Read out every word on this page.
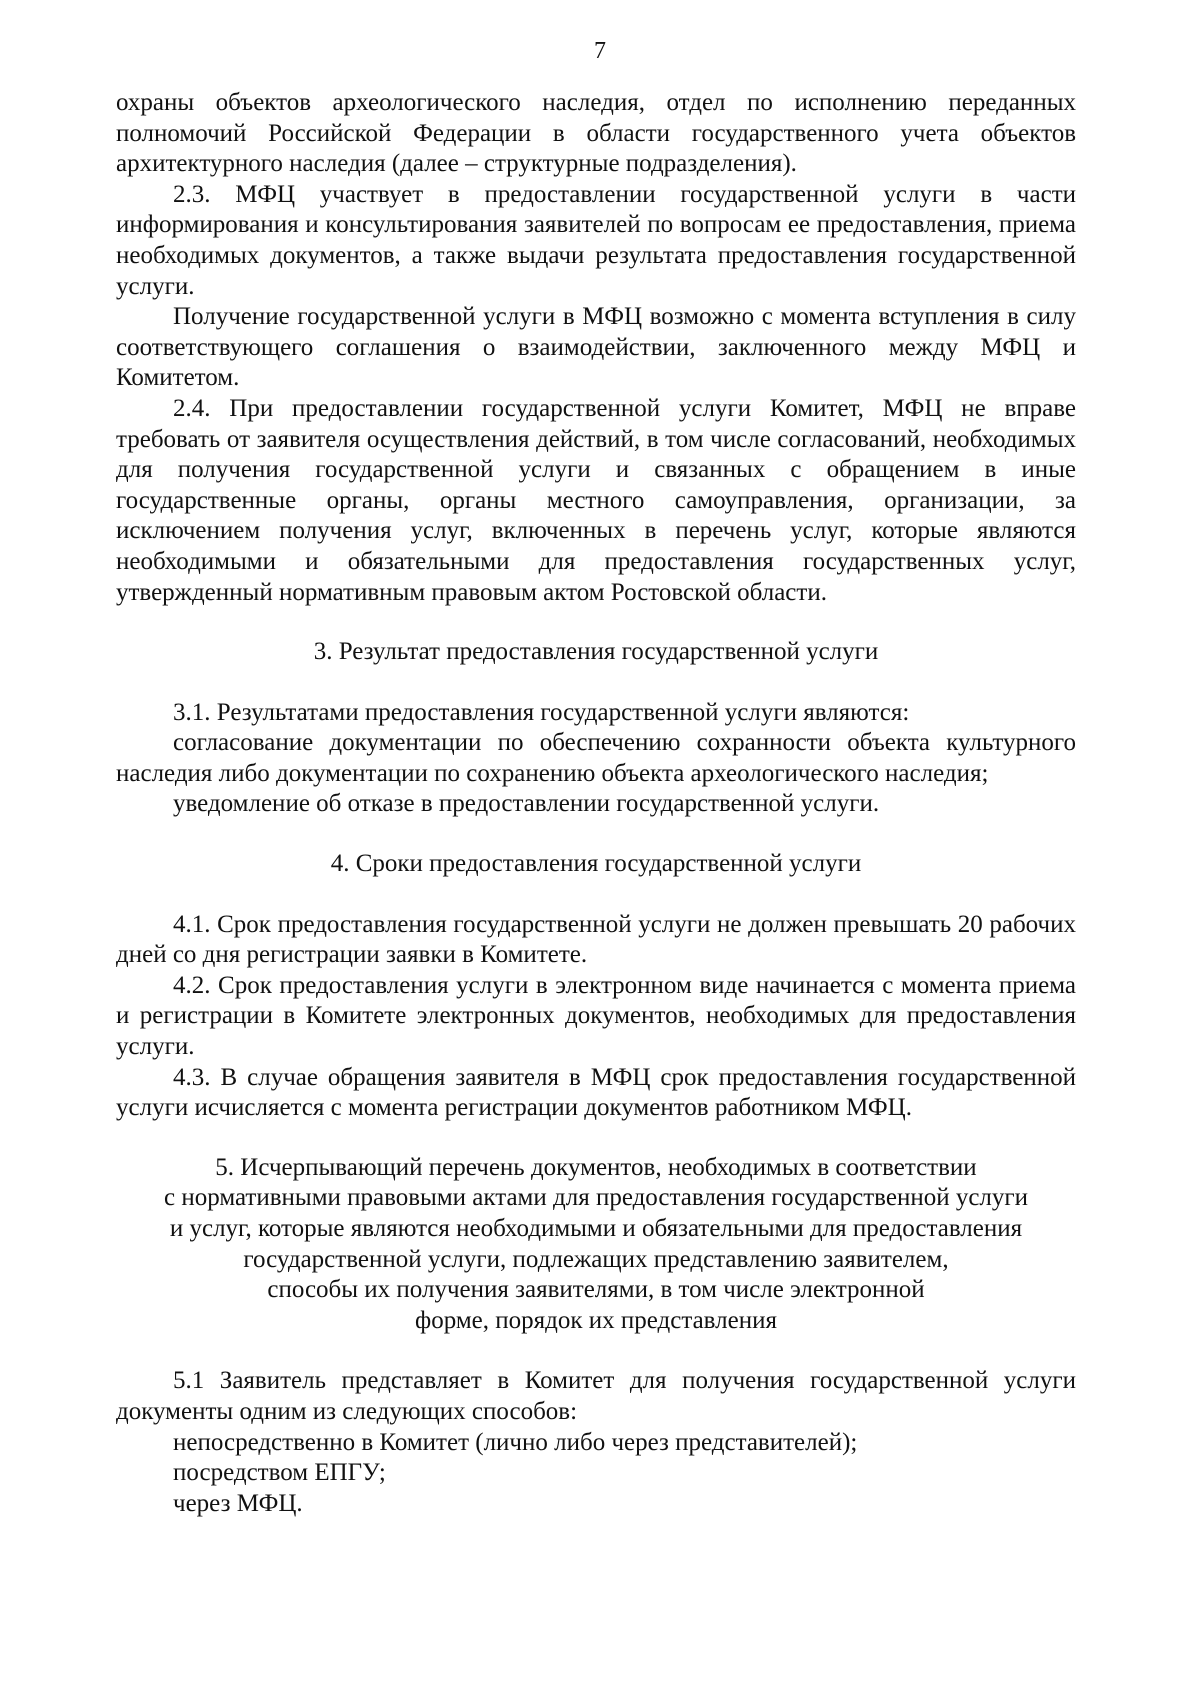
7

охраны объектов археологического наследия, отдел по исполнению переданных полномочий Российской Федерации в области государственного учета объектов архитектурного наследия (далее – структурные подразделения).

2.3. МФЦ участвует в предоставлении государственной услуги в части информирования и консультирования заявителей по вопросам ее предоставления, приема необходимых документов, а также выдачи результата предоставления государственной услуги.

Получение государственной услуги в МФЦ возможно с момента вступления в силу соответствующего соглашения о взаимодействии, заключенного между МФЦ и Комитетом.

2.4. При предоставлении государственной услуги Комитет, МФЦ не вправе требовать от заявителя осуществления действий, в том числе согласований, необходимых для получения государственной услуги и связанных с обращением в иные государственные органы, органы местного самоуправления, организации, за исключением получения услуг, включенных в перечень услуг, которые являются необходимыми и обязательными для предоставления государственных услуг, утвержденный нормативным правовым актом Ростовской области.

3. Результат предоставления государственной услуги

3.1. Результатами предоставления государственной услуги являются:

согласование документации по обеспечению сохранности объекта культурного наследия либо документации по сохранению объекта археологического наследия;

уведомление об отказе в предоставлении государственной услуги.

4. Сроки предоставления государственной услуги

4.1. Срок предоставления государственной услуги не должен превышать 20 рабочих дней со дня регистрации заявки в Комитете.

4.2. Срок предоставления услуги в электронном виде начинается с момента приема и регистрации в Комитете электронных документов, необходимых для предоставления услуги.

4.3. В случае обращения заявителя в МФЦ срок предоставления государственной услуги исчисляется с момента регистрации документов работником МФЦ.

5. Исчерпывающий перечень документов, необходимых в соответствии
с нормативными правовыми актами для предоставления государственной услуги
и услуг, которые являются необходимыми и обязательными для предоставления
государственной услуги, подлежащих представлению заявителем,
способы их получения заявителями, в том числе электронной
форме, порядок их представления

5.1 Заявитель представляет в Комитет для получения государственной услуги документы одним из следующих способов:

непосредственно в Комитет (лично либо через представителей);

посредством ЕПГУ;

через МФЦ.
